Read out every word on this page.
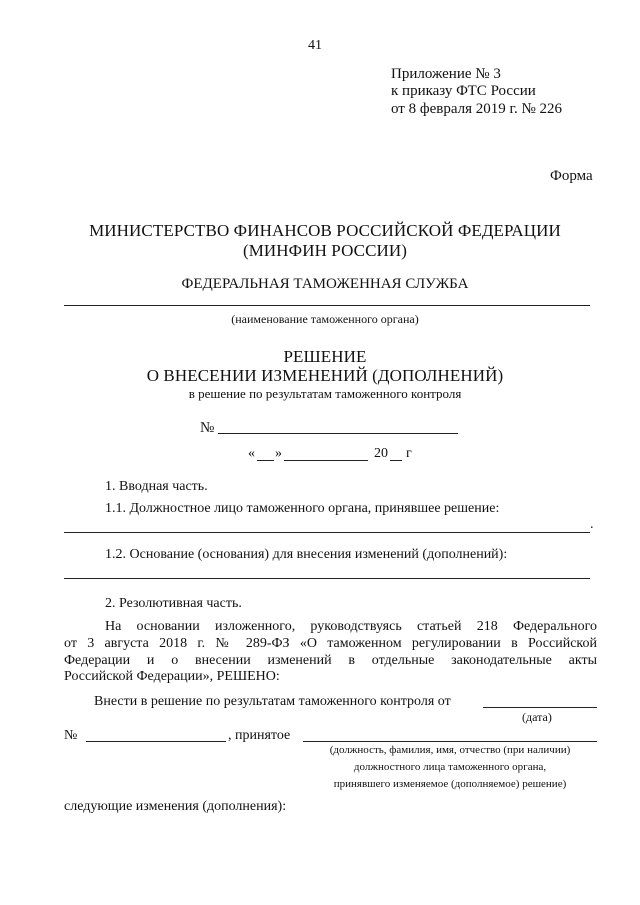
41
Приложение № 3
к приказу ФТС России
от 8 февраля 2019 г. № 226
Форма
МИНИСТЕРСТВО ФИНАНСОВ РОССИЙСКОЙ ФЕДЕРАЦИИ
(МИНФИН РОССИИ)
ФЕДЕРАЛЬНАЯ ТАМОЖЕННАЯ СЛУЖБА
(наименование таможенного органа)
РЕШЕНИЕ
О ВНЕСЕНИИ ИЗМЕНЕНИЙ (ДОПОЛНЕНИЙ)
в решение по результатам таможенного контроля
№
« »	20 г
1. Вводная часть.
1.1. Должностное лицо таможенного органа, принявшее решение:
.
1.2. Основание (основания) для внесения изменений (дополнений):
2. Резолютивная часть.
На основании изложенного, руководствуясь статьей 218 Федерального
от 3 августа 2018 г. № 289-ФЗ «О таможенном регулировании в Российской
Федерации и о внесении изменений в отдельные законодательные акты
Российской Федерации», РЕШЕНО:
Внести в решение по результатам таможенного контроля от
(дата)
№	, принятое
(должность, фамилия, имя, отчество (при наличии)
должностного лица таможенного органа,
принявшего изменяемое (дополняемое) решение)
следующие изменения (дополнения):
